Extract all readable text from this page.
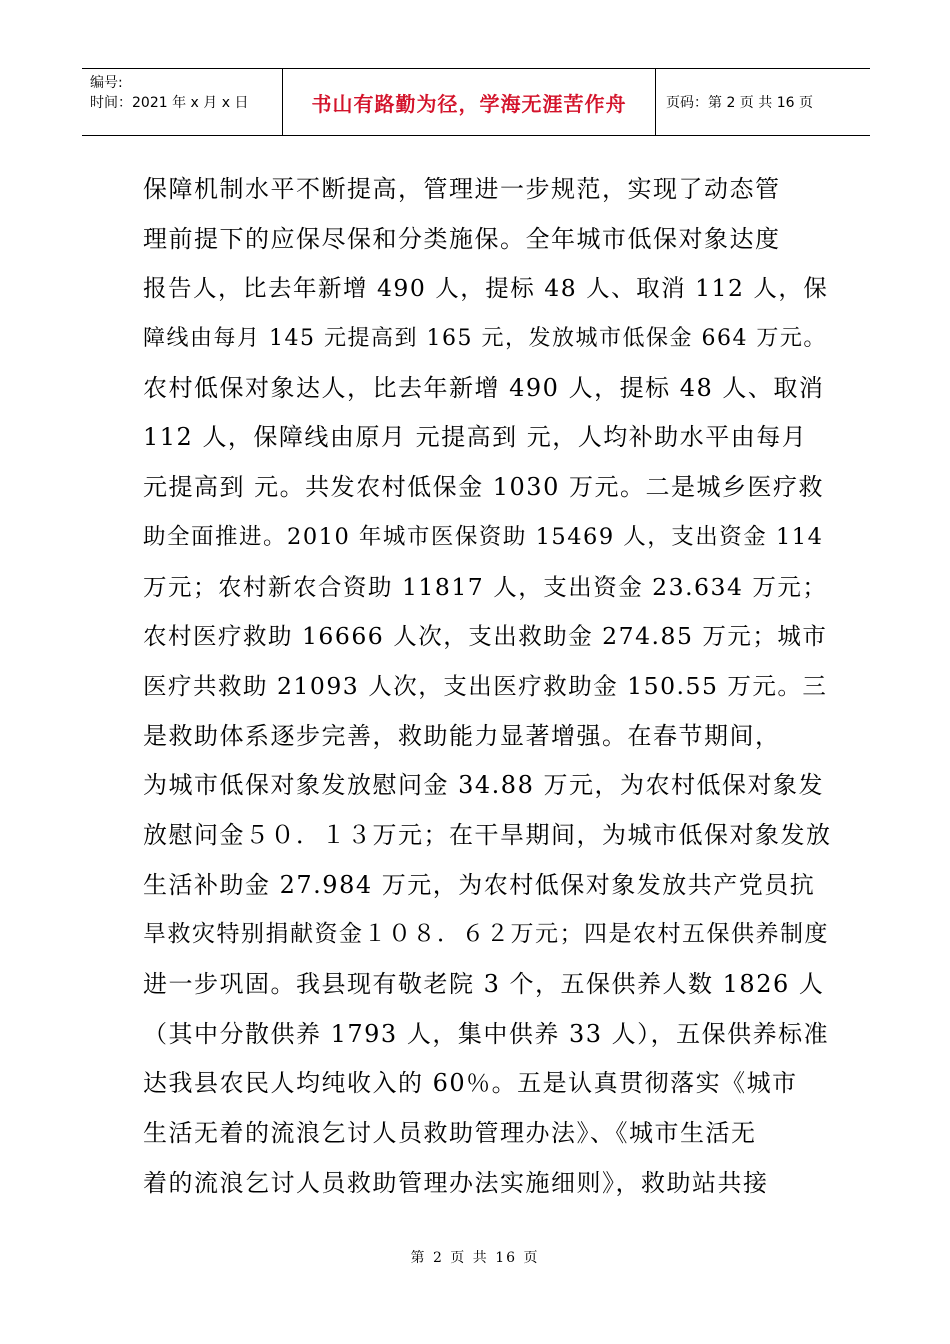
编号:
时间：2021 年 x 月 x 日	书山有路勤为径，学海无涯苦作舟	页码：第 2 页 共 16 页
保障机制水平不断提高，管理进一步规范，实现了动态管
理前提下的应保尽保和分类施保。全年城市低保对象达度
报告人，比去年新增 490 人，提标 48 人、取消 112 人，保
障线由每月 145 元提高到 165 元，发放城市低保金 664 万元。
农村低保对象达人，比去年新增 490 人，提标 48 人、取消
112 人，保障线由原月 元提高到 元，人均补助水平由每月
元提高到 元。共发农村低保金 1030 万元。二是城乡医疗救
助全面推进。2010 年城市医保资助 15469 人，支出资金 114
万元；农村新农合资助 11817 人，支出资金 23.634 万元；
农村医疗救助 16666 人次，支出救助金 274.85 万元；城市
医疗共救助 21093 人次，支出医疗救助金 150.55 万元。三
是救助体系逐步完善，救助能力显著增强。在春节期间，
为城市低保对象发放慰问金 34.88 万元，为农村低保对象发
放慰问金５０．１３万元；在干旱期间，为城市低保对象发放
生活补助金 27.984 万元，为农村低保对象发放共产党员抗
旱救灾特别捐献资金１０８．６２万元；四是农村五保供养制度
进一步巩固。我县现有敬老院 3 个，五保供养人数 1826 人
（其中分散供养 1793 人，集中供养 33 人），五保供养标准
达我县农民人均纯收入的 60％。五是认真贯彻落实《城市
生活无着的流浪乞讨人员救助管理办法》、《城市生活无
着的流浪乞讨人员救助管理办法实施细则》，救助站共接
第 2 页 共 16 页
